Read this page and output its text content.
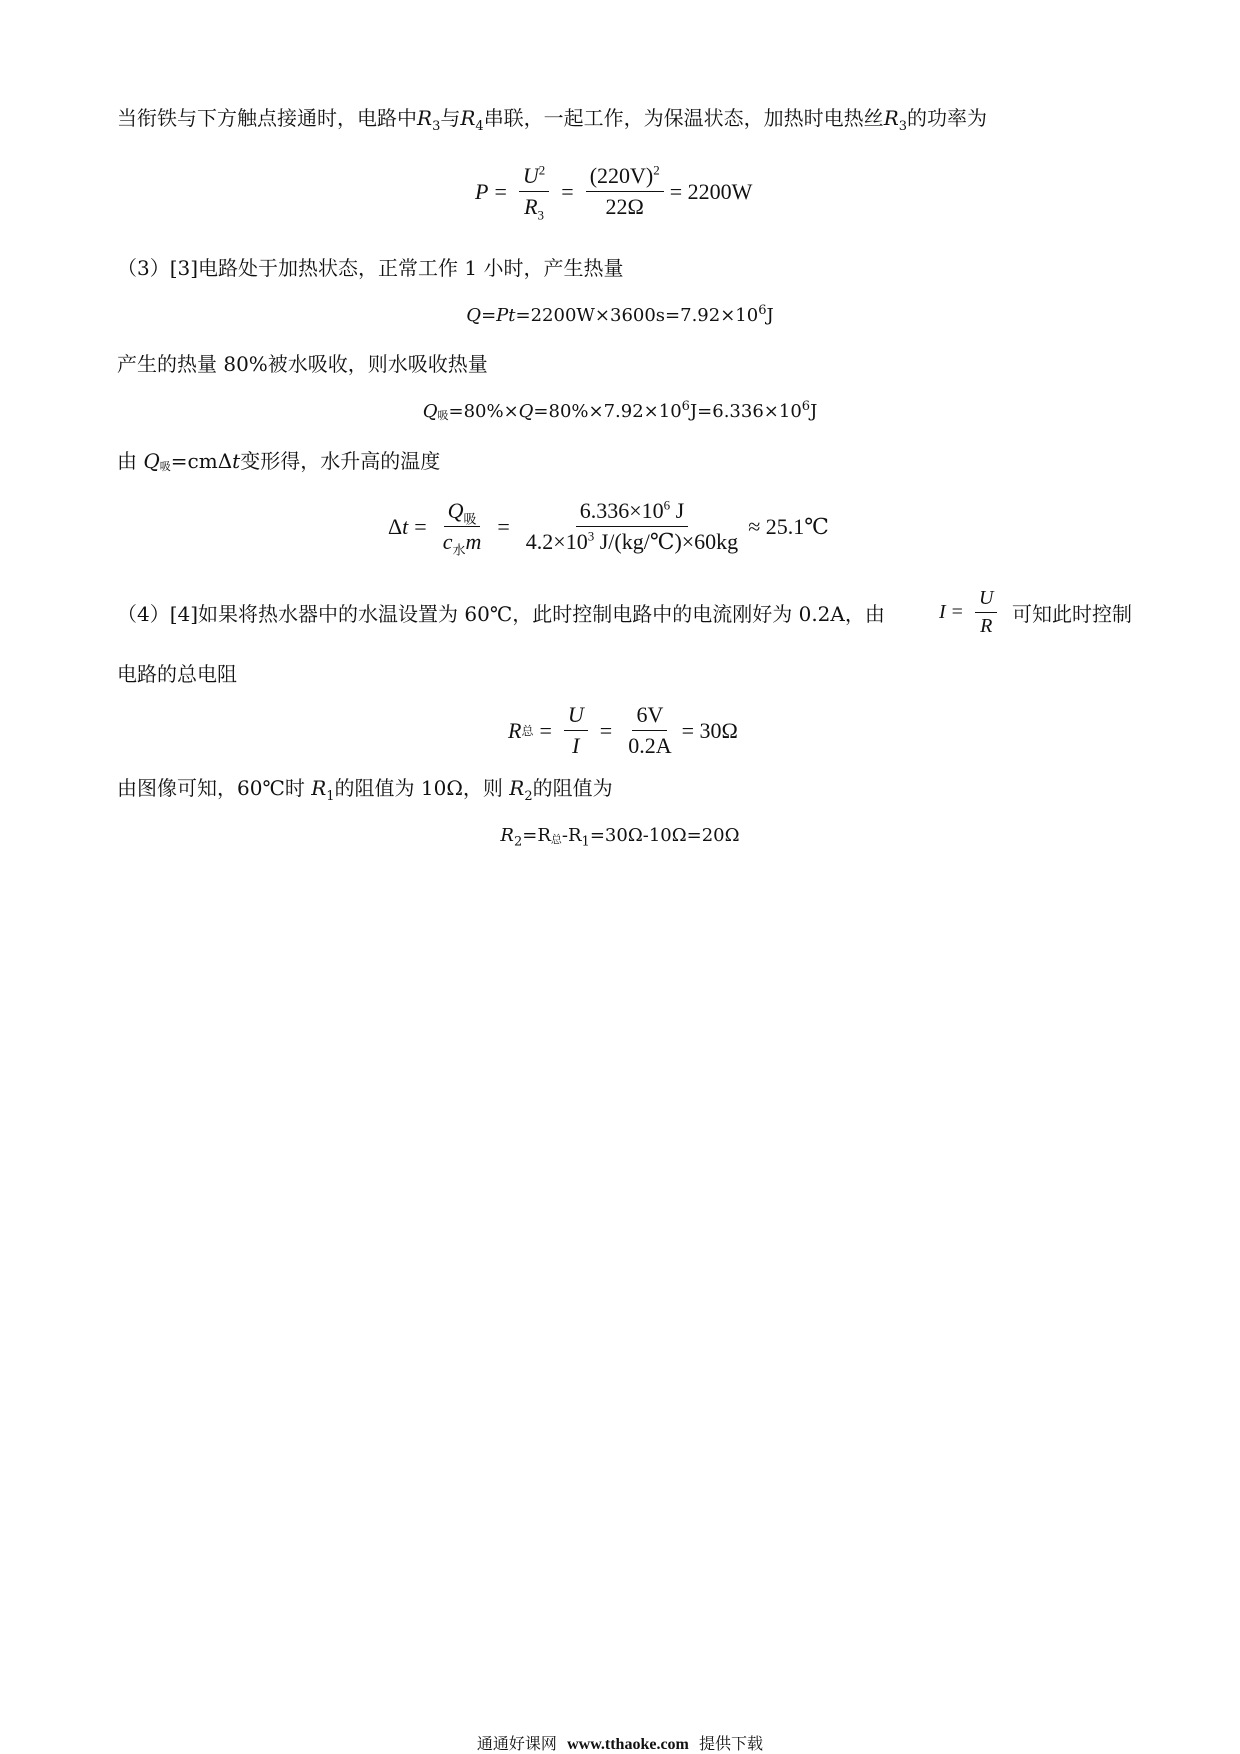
当衔铁与下方触点接通时，电路中$R_3$与$R_4$串联，一起工作，为保温状态，加热时电热丝$R_3$的功率为
$P = \frac{U^2}{R_3} = \frac{(220V)^2}{22\Omega} = 2200W$
（3）[3]电路处于加热状态，正常工作 1 小时，产生热量
$Q=Pt=2200W\times 3600s=7.92\times 10^6J$
产生的热量 80%被水吸收，则水吸收热量
Q吸$=80\%\times Q=80\%\times 7.92\times 10^6J=6.336\times 10^6J$
由 Q吸=cmΔt变形得，水升高的温度
Δ $t = \frac{Q_吸}{c_水m} = \frac{6.336\times 10^6 J}{4.2\times 10^3 J/(kg/℃)\times 60kg}$ ≈ 25.1℃
（4）[4]如果将热水器中的水温设置为 60℃，此时控制电路中的电流刚好为 0.2A，由	$I = \frac{U}{R}$ 可知此时控制
电路的总电阻
R 总 = $\frac{U}{I} = \frac{6V}{0.2A} = 30\Omega$
由图像可知，60℃时 $R_1$的阻值为 10Ω，则 $R_2$的阻值为
$R_2=R$总$-R_1=30\Omega-10\Omega=20\Omega$
通通好课网 www.tthaoke.com 提供下载
